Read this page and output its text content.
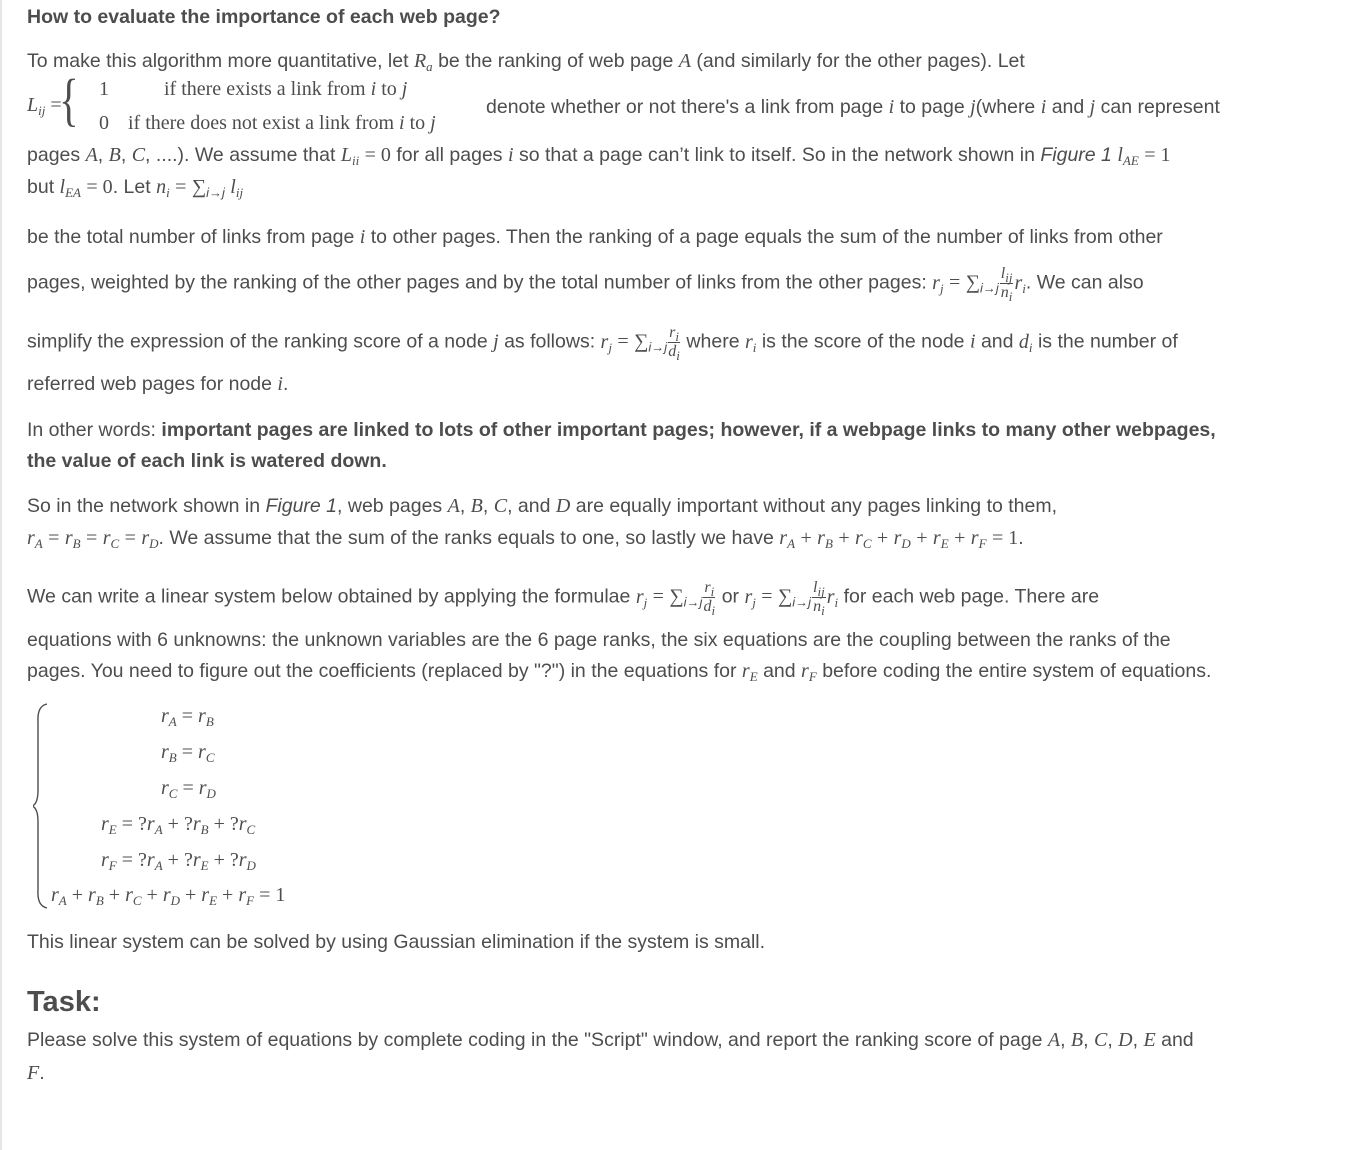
How to evaluate the importance of each web page?
To make this algorithm more quantitative, let $R_a$ be the ranking of web page A (and similarly for the other pages). Let
$L_{ij}$ =
{ 1	if there exists a link from i to j
0 if there does not exist a link from i to j
denote whether or not there's a link from page i to page j(where i and j can represent
pages A, B, C, ....). We assume that $L_{ii} = 0$ for all pages i so that a page can’t link to itself. So in the network shown in Figure 1 $l_{AE} = 1$
but $l_{EA} = 0$. Let $n_i = \sum_{i\to j}$ $l_{ij}$
be the total number of links from page i to other pages. Then the ranking of a page equals the sum of the number of links from other
pages, weighted by the ranking of the other pages and by the total number of links from the other pages: $r_j = \sum_{i\to j} \frac{l_{ij}}{n_i} r_i$. We can also
simplify the expression of the ranking score of a node j as follows: $r_j = \sum_{i\to j} \frac{r_i}{d_i}$ where $r_i$ is the score of the node i and $d_i$ is the number of
referred web pages for node i.
In other words: important pages are linked to lots of other important pages; however, if a webpage links to many other webpages,
the value of each link is watered down.
So in the network shown in Figure 1, web pages A, B, C, and D are equally important without any pages linking to them,
$r_A = r_B = r_C = r_D$. We assume that the sum of the ranks equals to one, so lastly we have $r_A + r_B + r_C + r_D + r_E + r_F = 1$.
We can write a linear system below obtained by applying the formulae $r_j = \sum_{i\to j} \frac{r_i}{d_i}$ or $r_j = \sum_{i\to j} \frac{l_{ij}}{n_i} r_i$ for each web page. There are
equations with 6 unknowns: the unknown variables are the 6 page ranks, the six equations are the coupling between the ranks of the
pages. You need to figure out the coefficients (replaced by "?") in the equations for $r_E$ and $r_F$ before coding the entire system of equations.
$r_A = r_B$
$r_B = r_C$
$r_C = r_D$
$r_E$ = $?r_A$ + $?r_B$ + $?r_C$
$r_F$ = $?r_A$ + $?r_E$ + $?r_D$
$r_A + r_B + r_C + r_D + r_E + r_F = 1$
This linear system can be solved by using Gaussian elimination if the system is small.
Task:
Please solve this system of equations by complete coding in the "Script" window, and report the ranking score of page A, B, C, D, E and
F.
